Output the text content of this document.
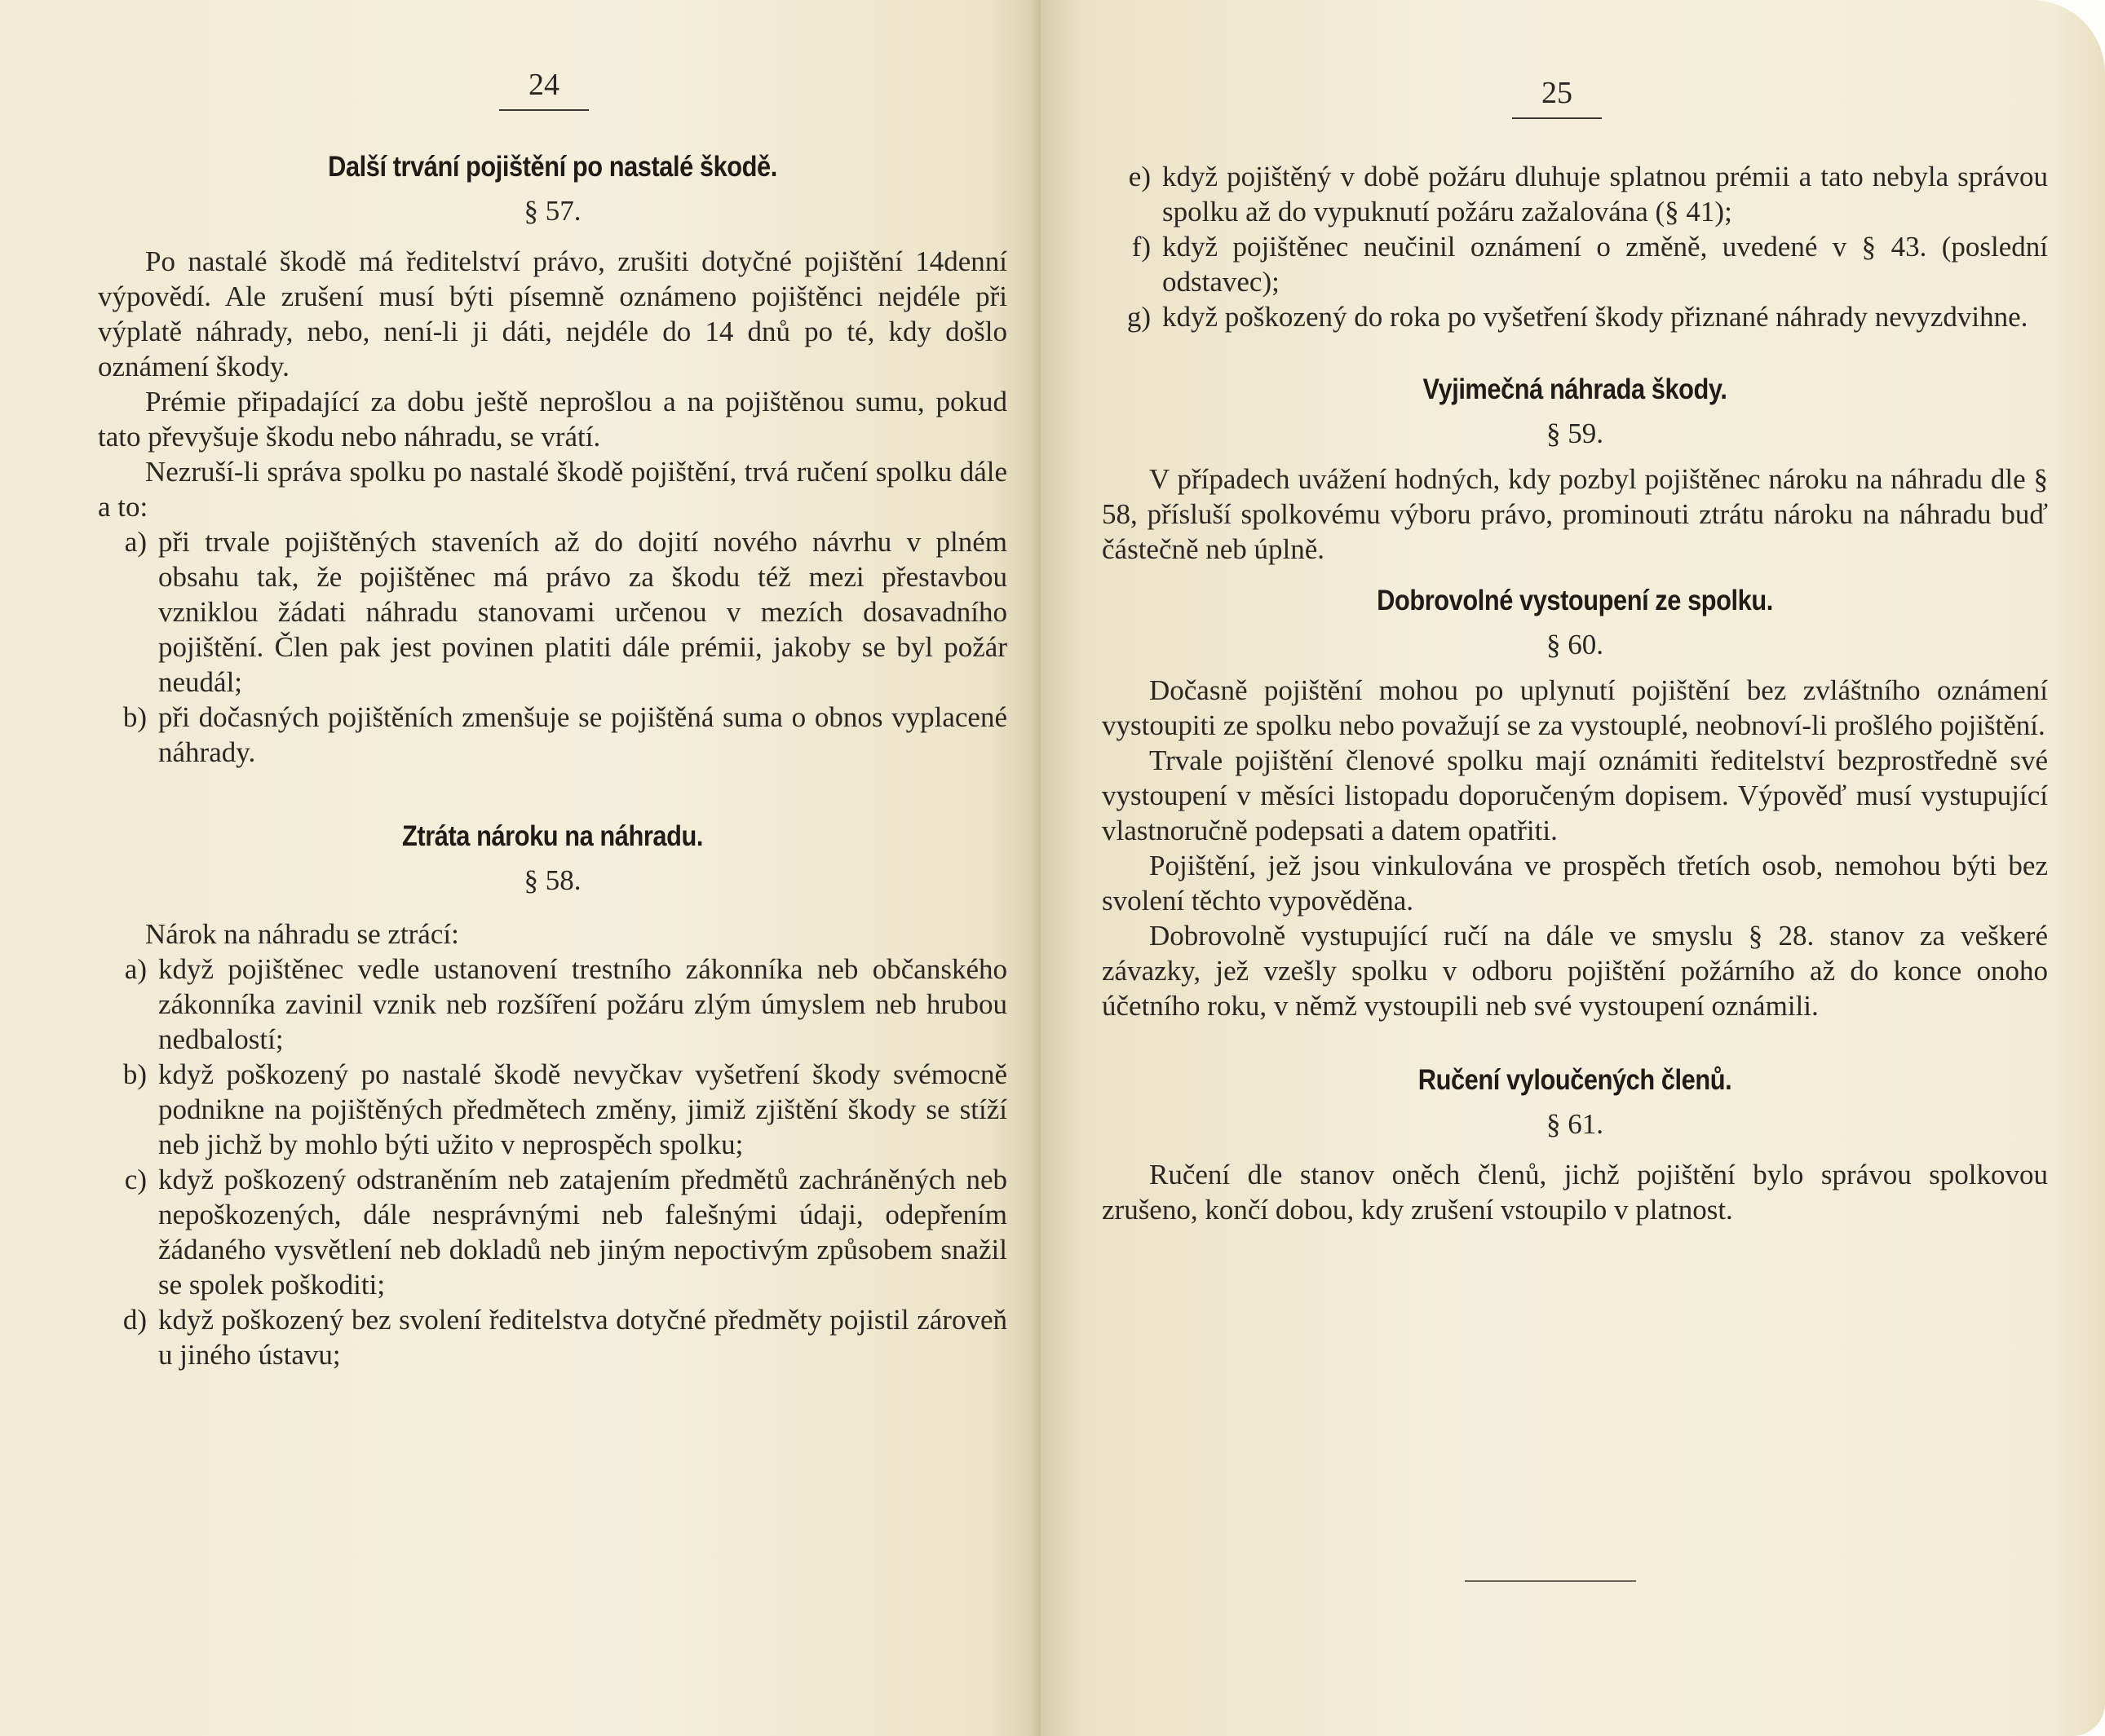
24
Další trvání pojištění po nastalé škodě.

§ 57.

Po nastalé škodě má ředitelství právo, zrušiti dotyčné pojištění 14denní výpovědí. Ale zrušení musí býti písemně oznámeno pojištěnci nejdéle při výplatě náhrady, nebo, není-li ji dáti, nejdéle do 14 dnů po té, kdy došlo oznámení škody.

Prémie připadající za dobu ještě neprošlou a na pojištěnou sumu, pokud tato převyšuje škodu nebo náhradu, se vrátí.

Nezruší-li správa spolku po nastalé škodě pojištění, trvá ručení spolku dále a to:

a) při trvale pojištěných staveních až do dojití nového návrhu v plném obsahu tak, že pojištěnec má právo za škodu též mezi přestavbou vzniklou žádati náhradu stanovami určenou v mezích dosavadního pojištění. Člen pak jest povinen platiti dále prémii, jakoby se byl požár neudál;
b) při dočasných pojištěních zmenšuje se pojištěná suma o obnos vyplacené náhrady.
Ztráta nároku na náhradu.

§ 58.

Nárok na náhradu se ztrácí:

a) když pojištěnec vedle ustanovení trestního zákonníka neb občanského zákonníka zavinil vznik neb rozšíření požáru zlým úmyslem neb hrubou nedbalostí;
b) když poškozený po nastalé škodě nevyčkav vyšetření škody svémocně podnikne na pojištěných předmětech změny, jimiž zjištění škody se stíží neb jichž by mohlo býti užito v neprospěch spolku;
c) když poškozený odstraněním neb zatajením předmětů zachráněných neb nepoškozených, dále nesprávnými neb falešnými údaji, odepřením žádaného vysvětlení neb dokladů neb jiným nepoctivým způsobem snažil se spolek poškoditi;
d) když poškozený bez svolení ředitelstva dotyčné předměty pojistil zároveň u jiného ústavu;
25
e) když pojištěný v době požáru dluhuje splatnou prémii a tato nebyla správou spolku až do vypuknutí požáru zažalována (§ 41);
f) když pojištěnec neučinil oznámení o změně, uvedené v § 43. (poslední odstavec);
g) když poškozený do roka po vyšetření škody přiznané náhrady nevyzdvihne.
Vyjimečná náhrada škody.

§ 59.

V případech uvážení hodných, kdy pozbyl pojištěnec nároku na náhradu dle § 58, přísluší spolkovému výboru právo, prominouti ztrátu nároku na náhradu buď částečně neb úplně.

Dobrovolné vystoupení ze spolku.

§ 60.

Dočasně pojištění mohou po uplynutí pojištění bez zvláštního oznámení vystoupiti ze spolku nebo považují se za vystouplé, neobnoví-li prošlého pojištění.

Trvale pojištění členové spolku mají oznámiti ředitelství bezprostředně své vystoupení v měsíci listopadu doporučeným dopisem. Výpověď musí vystupující vlastnoručně podepsati a datem opatřiti.

Pojištění, jež jsou vinkulována ve prospěch třetích osob, nemohou býti bez svolení těchto vypověděna.

Dobrovolně vystupující ručí na dále ve smyslu § 28. stanov za veškeré závazky, jež vzešly spolku v odboru pojištění požárního až do konce onoho účetního roku, v němž vystoupili neb své vystoupení oznámili.

Ručení vyloučených členů.

§ 61.

Ručení dle stanov oněch členů, jichž pojištění bylo správou spolkovou zrušeno, končí dobou, kdy zrušení vstoupilo v platnost.
